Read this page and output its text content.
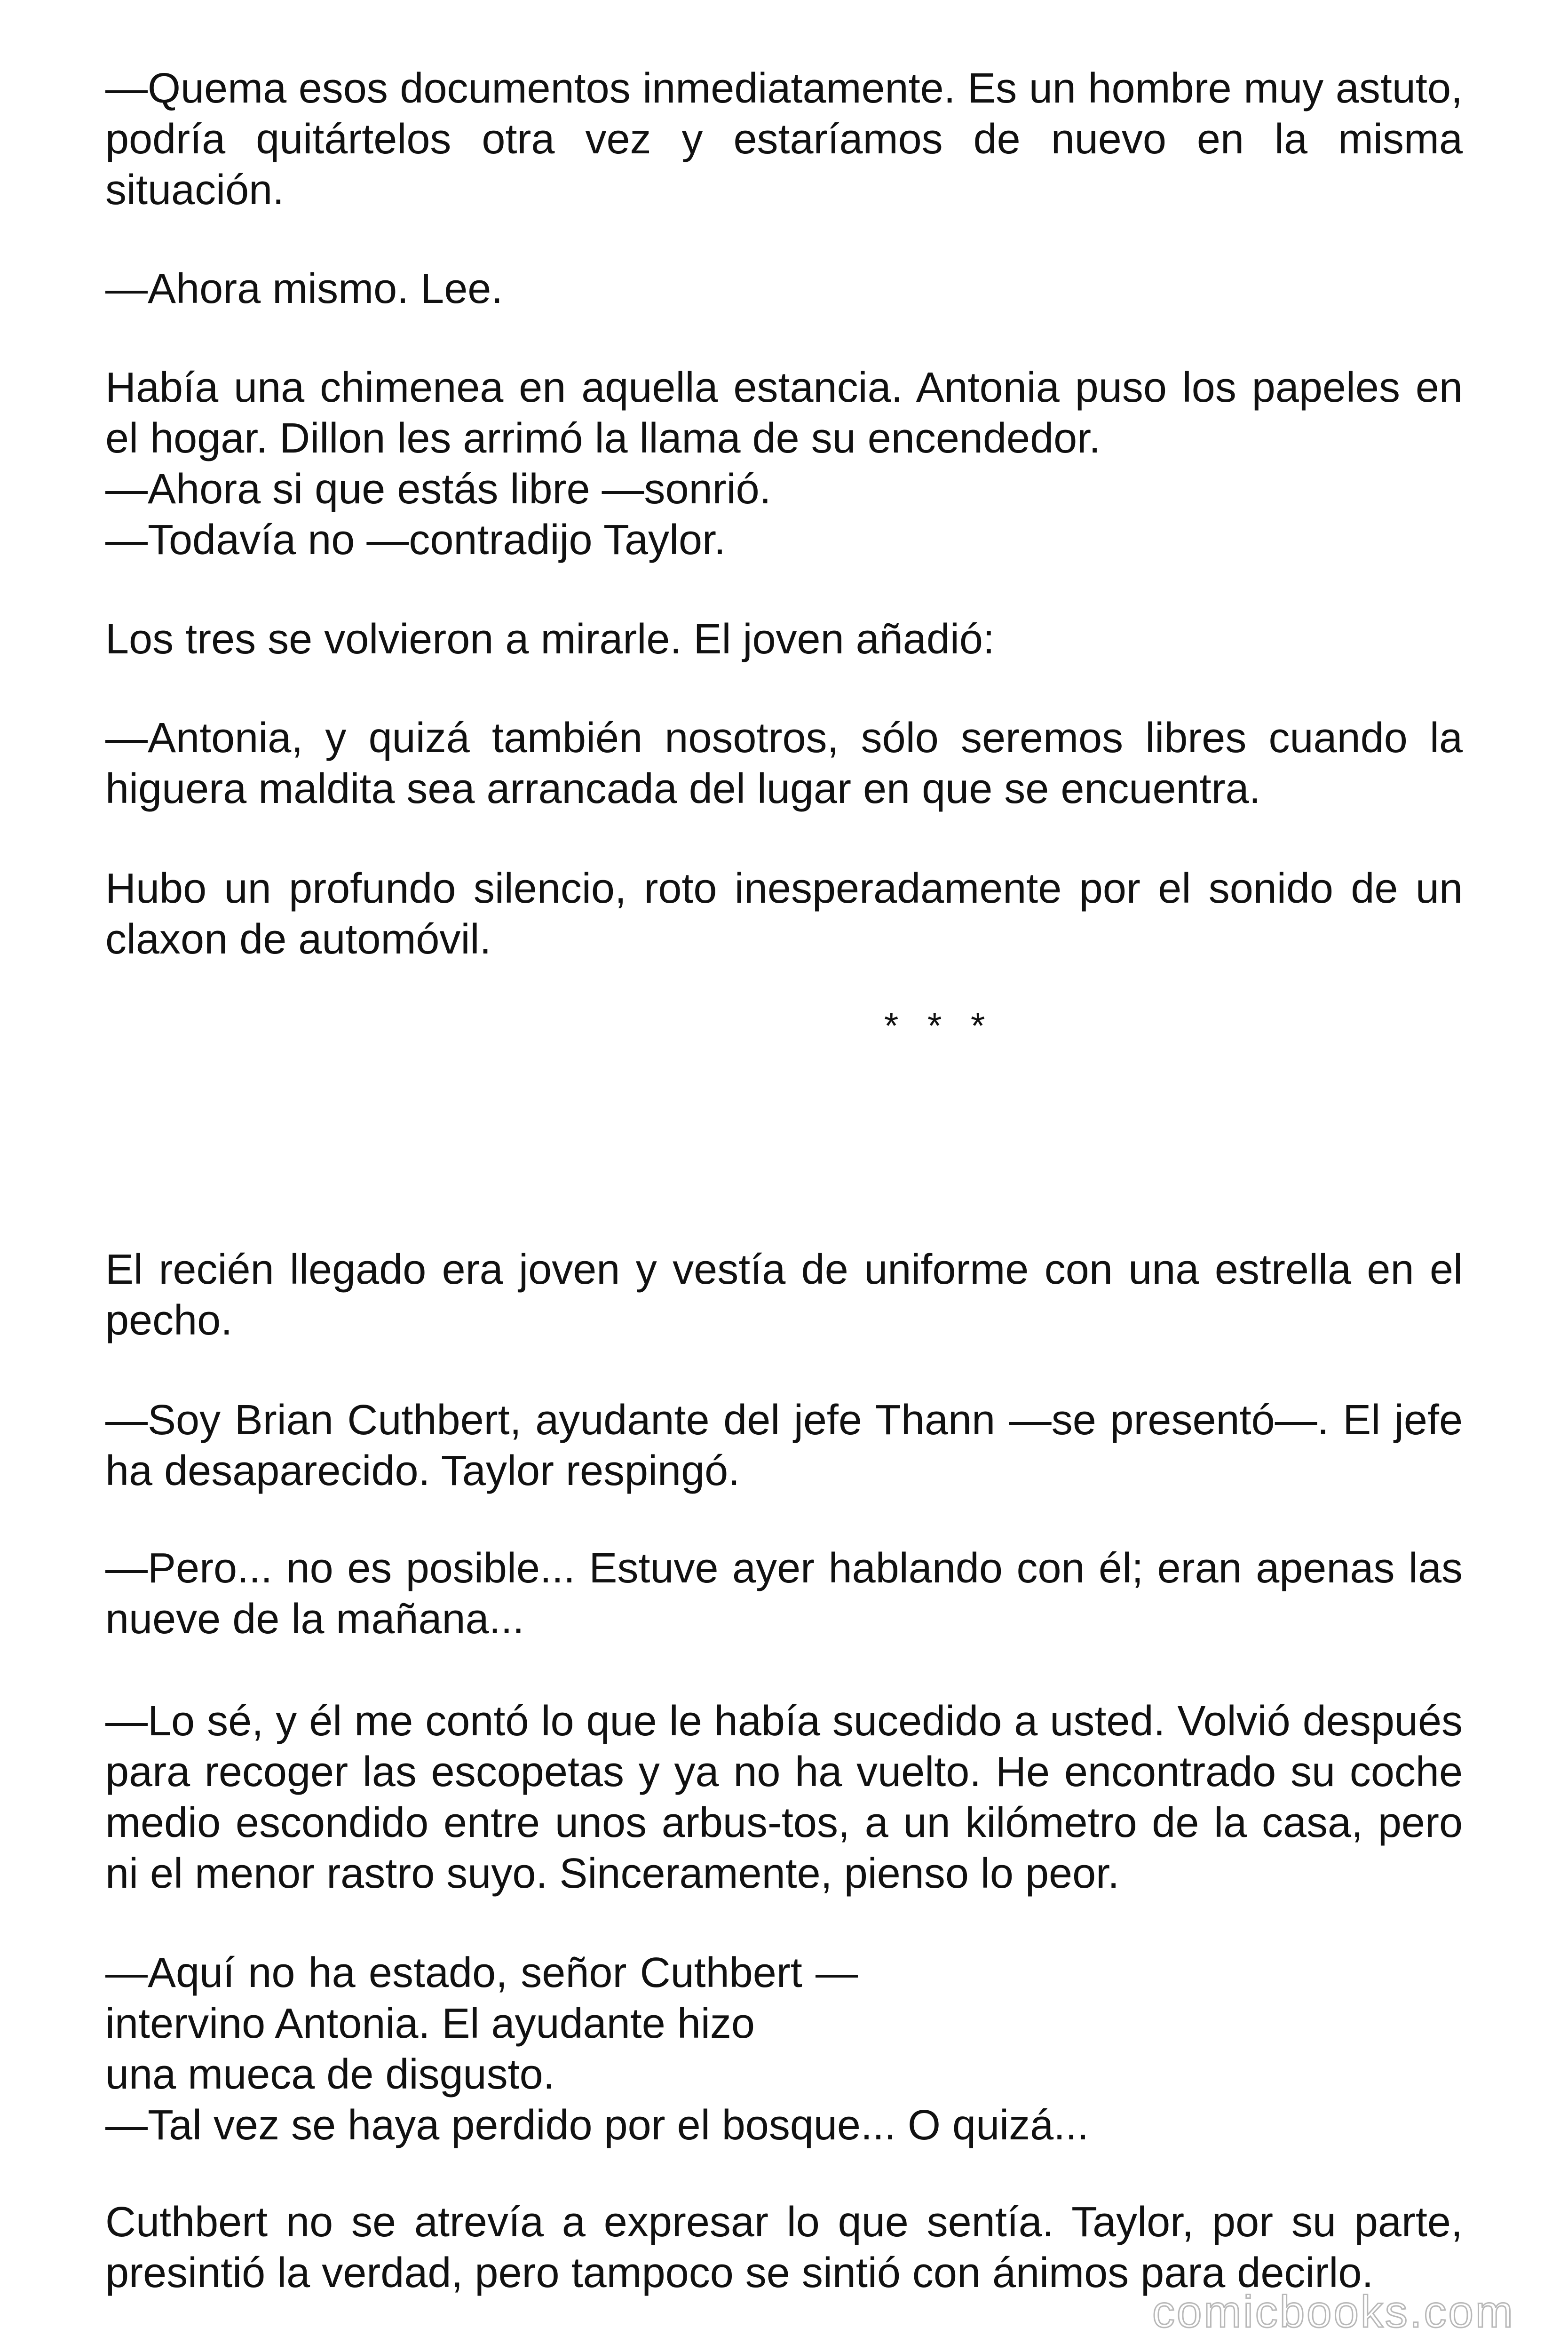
—Quema esos documentos inmediatamente. Es un hombre muy astuto, podría quitártelos otra vez y estaríamos de nuevo en la misma situación.

—Ahora mismo. Lee.

Había una chimenea en aquella estancia. Antonia puso los papeles en el hogar. Dillon les arrimó la llama de su encendedor.
—Ahora si que estás libre —sonrió.
—Todavía no —contradijo Taylor.

Los tres se volvieron a mirarle. El joven añadió:

—Antonia, y quizá también nosotros, sólo seremos libres cuando la higuera maldita sea arrancada del lugar en que se encuentra.

Hubo un profundo silencio, roto inesperadamente por el sonido de un claxon de automóvil.

* * *

El recién llegado era joven y vestía de uniforme con una estrella en el pecho.

—Soy Brian Cuthbert, ayudante del jefe Thann —se presentó—. El jefe ha desaparecido. Taylor respingó.

—Pero... no es posible... Estuve ayer hablando con él; eran apenas las nueve de la mañana...

—Lo sé, y él me contó lo que le había sucedido a usted. Volvió después para recoger las escopetas y ya no ha vuelto. He encontrado su coche medio escondido entre unos arbus-tos, a un kilómetro de la casa, pero ni el menor rastro suyo. Sinceramente, pienso lo peor.

—Aquí no ha estado, señor Cuthbert —intervino Antonia. El ayudante hizo
una mueca de disgusto.
—Tal vez se haya perdido por el bosque... O quizá...

Cuthbert no se atrevía a expresar lo que sentía. Taylor, por su parte, presintió la verdad, pero tampoco se sintió con ánimos para decirlo.

comicbooks.com
